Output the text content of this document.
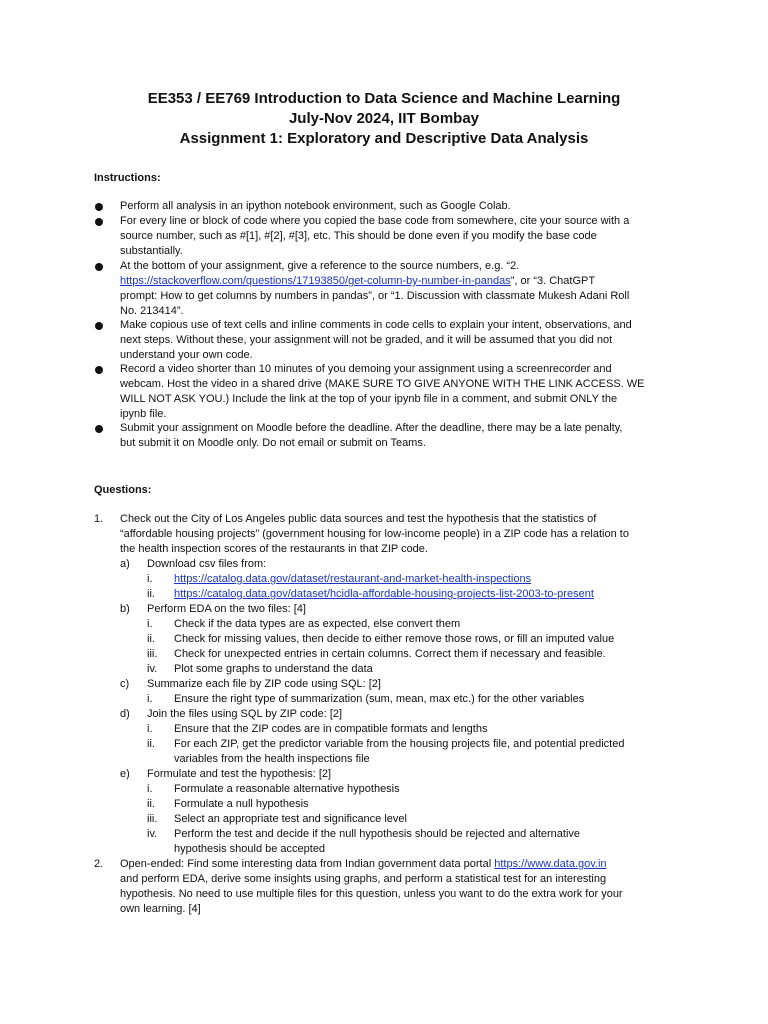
EE353 / EE769 Introduction to Data Science and Machine Learning
July-Nov 2024, IIT Bombay
Assignment 1: Exploratory and Descriptive Data Analysis
Instructions:
Perform all analysis in an ipython notebook environment, such as Google Colab.
For every line or block of code where you copied the base code from somewhere, cite your source with a
source number, such as #[1], #[2], #[3], etc. This should be done even if you modify the base code
substantially.
At the bottom of your assignment, give a reference to the source numbers, e.g. “2.
https://stackoverflow.com/questions/17193850/get-column-by-number-in-pandas”, or “3. ChatGPT
prompt: How to get columns by numbers in pandas”, or “1. Discussion with classmate Mukesh Adani Roll
No. 213414”.
Make copious use of text cells and inline comments in code cells to explain your intent, observations, and
next steps. Without these, your assignment will not be graded, and it will be assumed that you did not
understand your own code.
Record a video shorter than 10 minutes of you demoing your assignment using a screenrecorder and
webcam. Host the video in a shared drive (MAKE SURE TO GIVE ANYONE WITH THE LINK ACCESS. WE
WILL NOT ASK YOU.) Include the link at the top of your ipynb file in a comment, and submit ONLY the
ipynb file.
Submit your assignment on Moodle before the deadline. After the deadline, there may be a late penalty,
but submit it on Moodle only. Do not email or submit on Teams.
Questions:
1. Check out the City of Los Angeles public data sources and test the hypothesis that the statistics of
“affordable housing projects” (government housing for low-income people) in a ZIP code has a relation to
the health inspection scores of the restaurants in that ZIP code.
a) Download csv files from:
i. https://catalog.data.gov/dataset/restaurant-and-market-health-inspections
ii. https://catalog.data.gov/dataset/hcidla-affordable-housing-projects-list-2003-to-present
b) Perform EDA on the two files: [4]
i. Check if the data types are as expected, else convert them
ii. Check for missing values, then decide to either remove those rows, or fill an imputed value
iii. Check for unexpected entries in certain columns. Correct them if necessary and feasible.
iv. Plot some graphs to understand the data
c) Summarize each file by ZIP code using SQL: [2]
i. Ensure the right type of summarization (sum, mean, max etc.) for the other variables
d) Join the files using SQL by ZIP code: [2]
i. Ensure that the ZIP codes are in compatible formats and lengths
ii. For each ZIP, get the predictor variable from the housing projects file, and potential predicted
variables from the health inspections file
e) Formulate and test the hypothesis: [2]
i. Formulate a reasonable alternative hypothesis
ii. Formulate a null hypothesis
iii. Select an appropriate test and significance level
iv. Perform the test and decide if the null hypothesis should be rejected and alternative
hypothesis should be accepted
2. Open-ended: Find some interesting data from Indian government data portal https://www.data.gov.in
and perform EDA, derive some insights using graphs, and perform a statistical test for an interesting
hypothesis. No need to use multiple files for this question, unless you want to do the extra work for your
own learning. [4]
